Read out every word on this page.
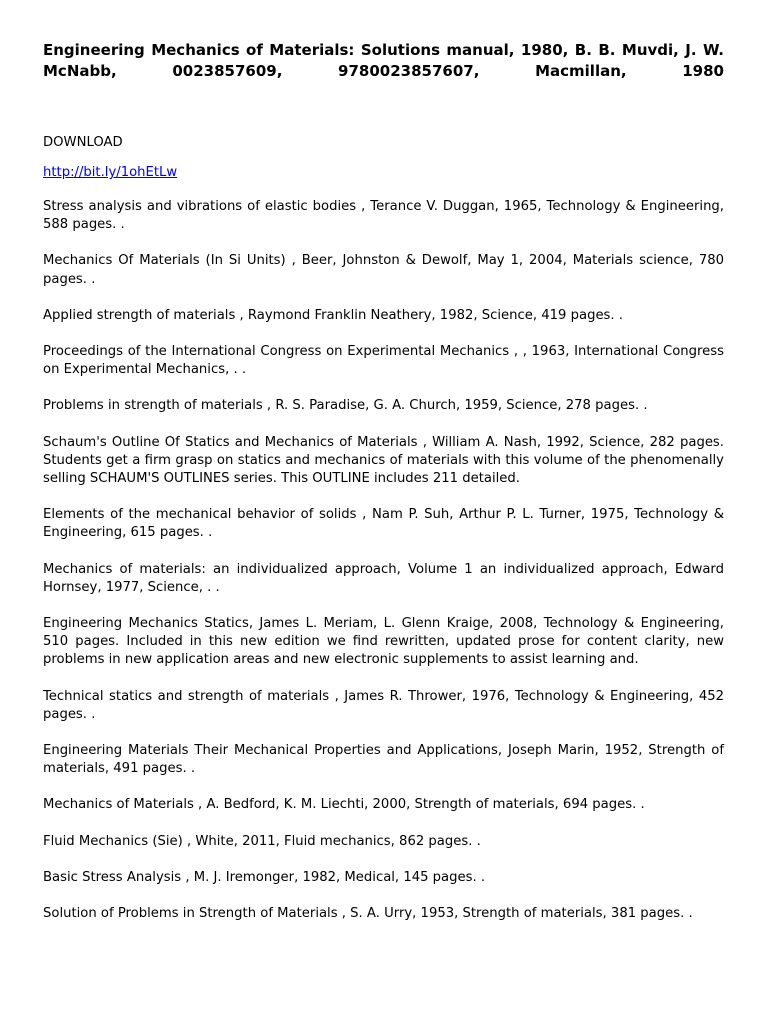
Engineering Mechanics of Materials: Solutions manual, 1980, B. B. Muvdi, J. W.
McNabb, 0023857609, 9780023857607, Macmillan, 1980
DOWNLOAD
http://bit.ly/1ohEtLw

Stress analysis and vibrations of elastic bodies , Terance V. Duggan, 1965, Technology & Engineering, 588 pages. .

Mechanics Of Materials (In Si Units) , Beer, Johnston & Dewolf, May 1, 2004, Materials science, 780 pages. .

Applied strength of materials , Raymond Franklin Neathery, 1982, Science, 419 pages. .

Proceedings of the International Congress on Experimental Mechanics , , 1963, International Congress on Experimental Mechanics, . .

Problems in strength of materials , R. S. Paradise, G. A. Church, 1959, Science, 278 pages. .

Schaum's Outline Of Statics and Mechanics of Materials , William A. Nash, 1992, Science, 282 pages. Students get a firm grasp on statics and mechanics of materials with this volume of the phenomenally selling SCHAUM'S OUTLINES series. This OUTLINE includes 211 detailed.

Elements of the mechanical behavior of solids , Nam P. Suh, Arthur P. L. Turner, 1975, Technology & Engineering, 615 pages. .

Mechanics of materials: an individualized approach, Volume 1 an individualized approach, Edward Hornsey, 1977, Science, . .

Engineering Mechanics Statics, James L. Meriam, L. Glenn Kraige, 2008, Technology & Engineering, 510 pages. Included in this new edition we find rewritten, updated prose for content clarity, new problems in new application areas and new electronic supplements to assist learning and.

Technical statics and strength of materials , James R. Thrower, 1976, Technology & Engineering, 452 pages. .

Engineering Materials Their Mechanical Properties and Applications, Joseph Marin, 1952, Strength of materials, 491 pages. .

Mechanics of Materials , A. Bedford, K. M. Liechti, 2000, Strength of materials, 694 pages. .

Fluid Mechanics (Sie) , White, 2011, Fluid mechanics, 862 pages. .

Basic Stress Analysis , M. J. Iremonger, 1982, Medical, 145 pages. .

Solution of Problems in Strength of Materials , S. A. Urry, 1953, Strength of materials, 381 pages. .
